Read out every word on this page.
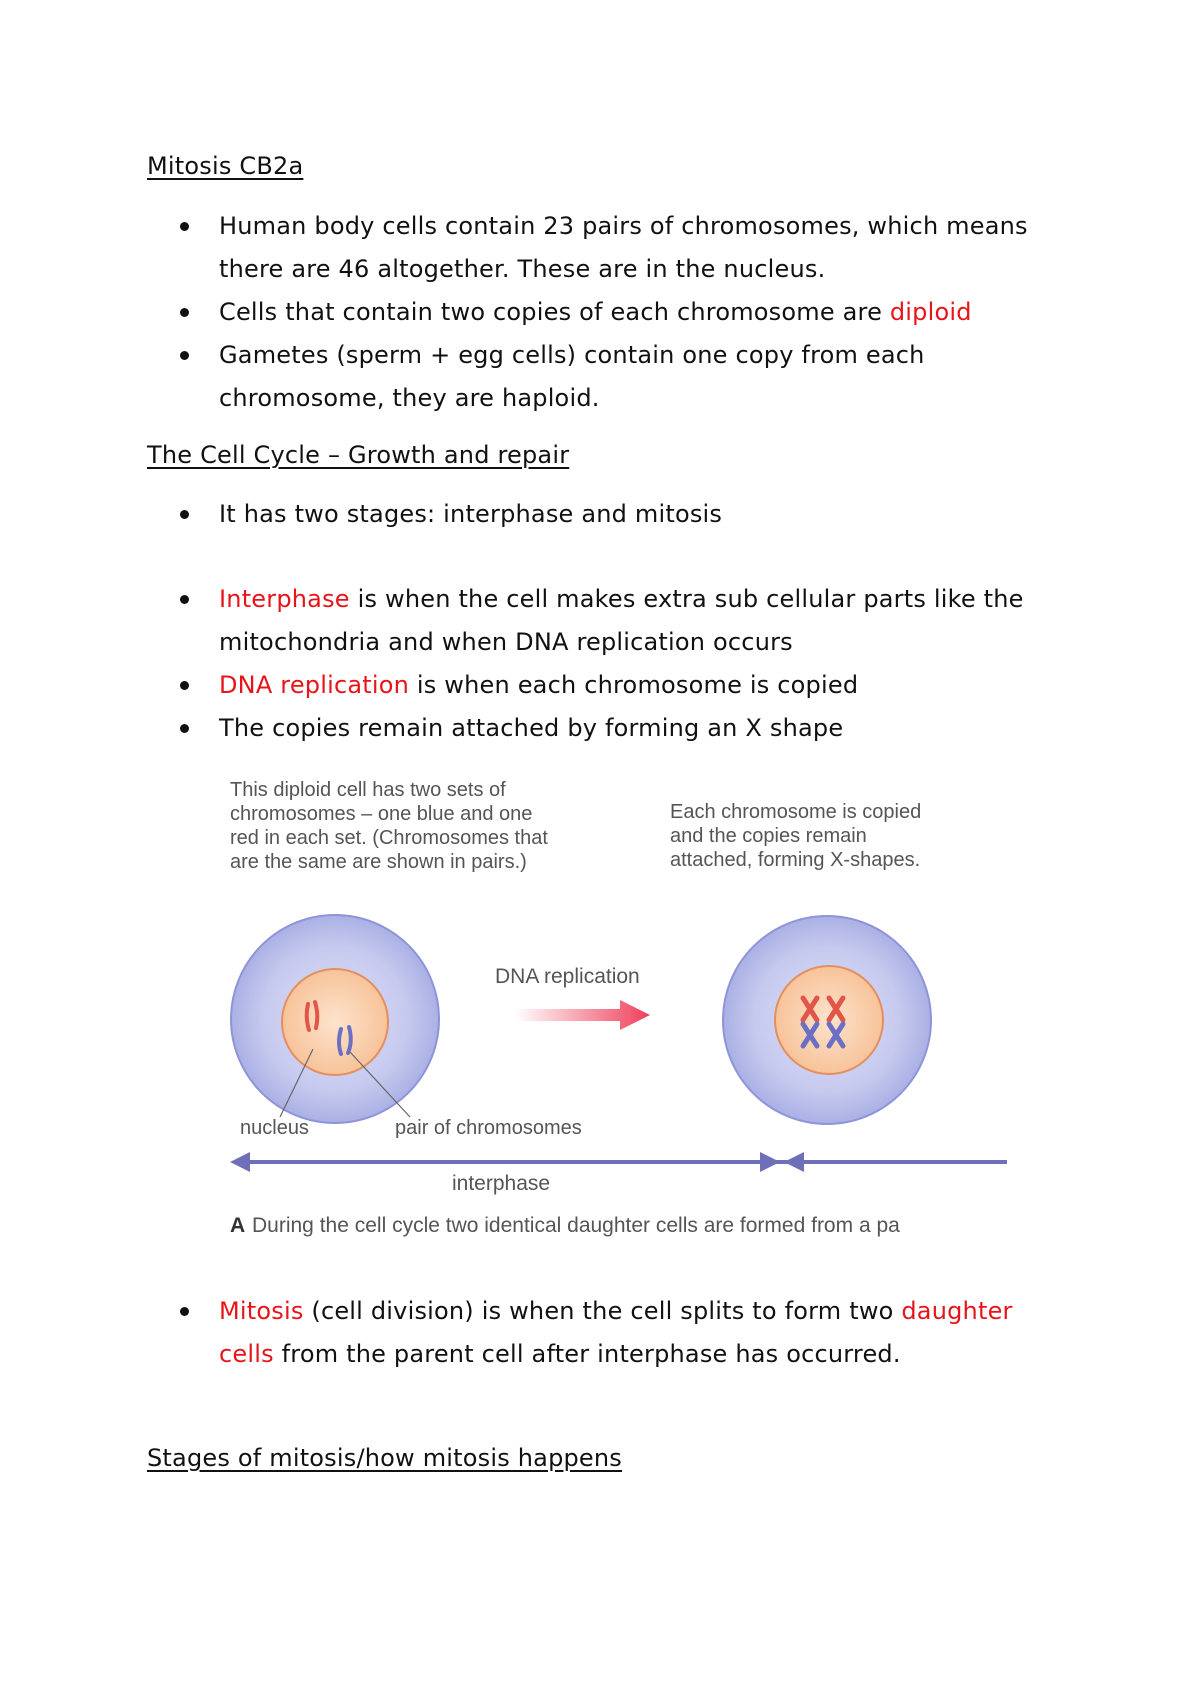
Mitosis CB2a
Human body cells contain 23 pairs of chromosomes, which means there are 46 altogether. These are in the nucleus.
Cells that contain two copies of each chromosome are diploid
Gametes (sperm + egg cells) contain one copy from each chromosome, they are haploid.
The Cell Cycle – Growth and repair
It has two stages: interphase and mitosis
Interphase is when the cell makes extra sub cellular parts like the mitochondria and when DNA replication occurs
DNA replication is when each chromosome is copied
The copies remain attached by forming an X shape
This diploid cell has two sets of
chromosomes – one blue and one
red in each set. (Chromosomes that
are the same are shown in pairs.)
Each chromosome is copied
and the copies remain
attached, forming X-shapes.
DNA replication
nucleus	pair of chromosomes
interphase
A During the cell cycle two identical daughter cells are formed from a pa
Mitosis (cell division) is when the cell splits to form two daughter cells from the parent cell after interphase has occurred.
Stages of mitosis/how mitosis happens
